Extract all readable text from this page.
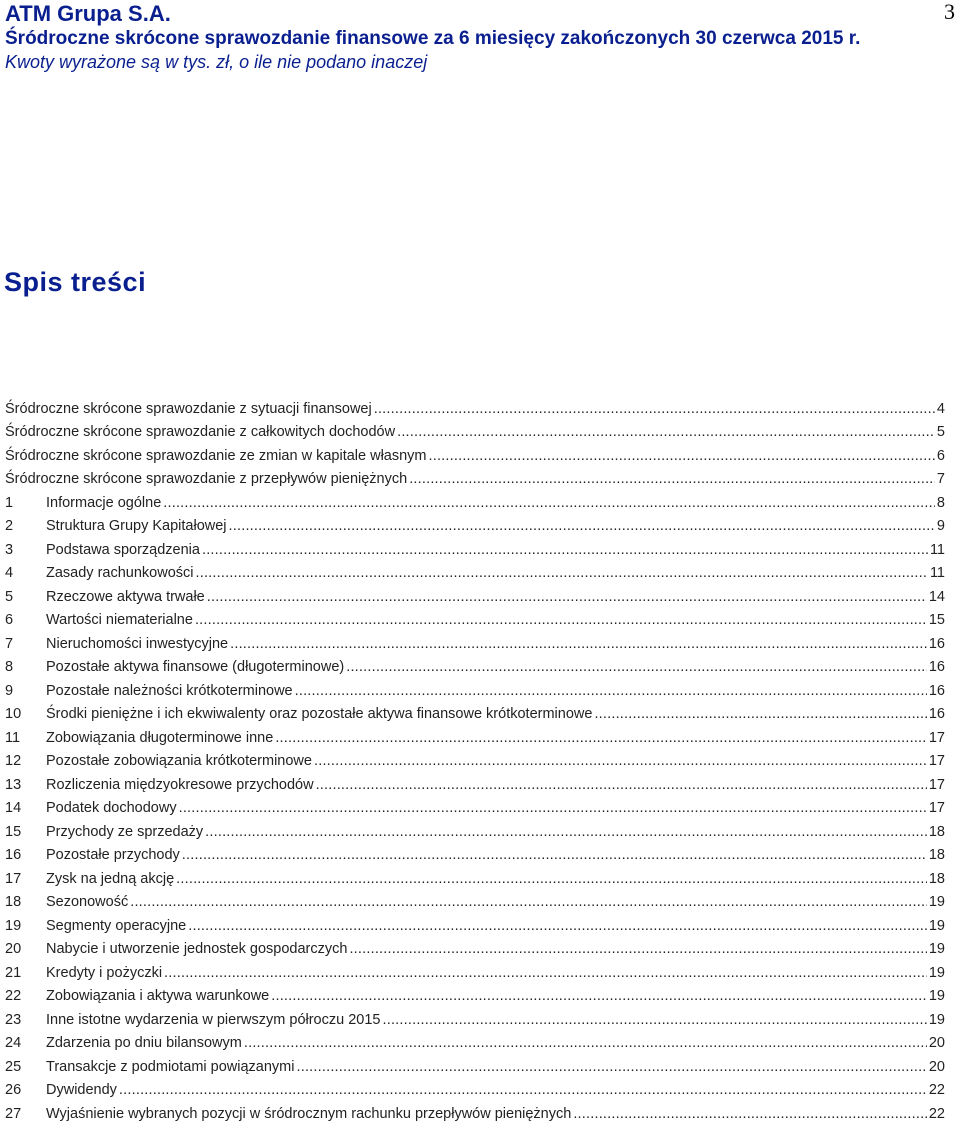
ATM Grupa S.A.	3
Śródroczne skrócone sprawozdanie finansowe za 6 miesięcy zakończonych 30 czerwca 2015 r.
Kwoty wyrażone są w tys. zł, o ile nie podano inaczej
Spis treści
Śródroczne skrócone sprawozdanie z sytuacji finansowej .....	4
Śródroczne skrócone sprawozdanie z całkowitych dochodów .....	5
Śródroczne skrócone sprawozdanie ze zmian w kapitale własnym .....	6
Śródroczne skrócone sprawozdanie z przepływów pieniężnych .....	7
1	Informacje ogólne .....	8
2	Struktura Grupy Kapitałowej .....	9
3	Podstawa sporządzenia .....	11
4	Zasady rachunkowości .....	11
5	Rzeczowe aktywa trwałe .....	14
6	Wartości niematerialne .....	15
7	Nieruchomości inwestycyjne .....	16
8	Pozostałe aktywa finansowe (długoterminowe) .....	16
9	Pozostałe należności krótkoterminowe .....	16
10	Środki pieniężne i ich ekwiwalenty oraz pozostałe aktywa finansowe krótkoterminowe .....	16
11	Zobowiązania długoterminowe inne .....	17
12	Pozostałe zobowiązania krótkoterminowe .....	17
13	Rozliczenia międzyokresowe przychodów .....	17
14	Podatek dochodowy .....	17
15	Przychody ze sprzedaży .....	18
16	Pozostałe przychody .....	18
17	Zysk na jedną akcję .....	18
18	Sezonowość .....	19
19	Segmenty operacyjne .....	19
20	Nabycie i utworzenie jednostek gospodarczych .....	19
21	Kredyty i pożyczki .....	19
22	Zobowiązania i aktywa warunkowe .....	19
23	Inne istotne wydarzenia w pierwszym półroczu 2015 .....	19
24	Zdarzenia po dniu bilansowym .....	20
25	Transakcje z podmiotami powiązanymi .....	20
26	Dywidendy .....	22
27	Wyjaśnienie wybranych pozycji w śródrocznym rachunku przepływów pieniężnych .....	22
